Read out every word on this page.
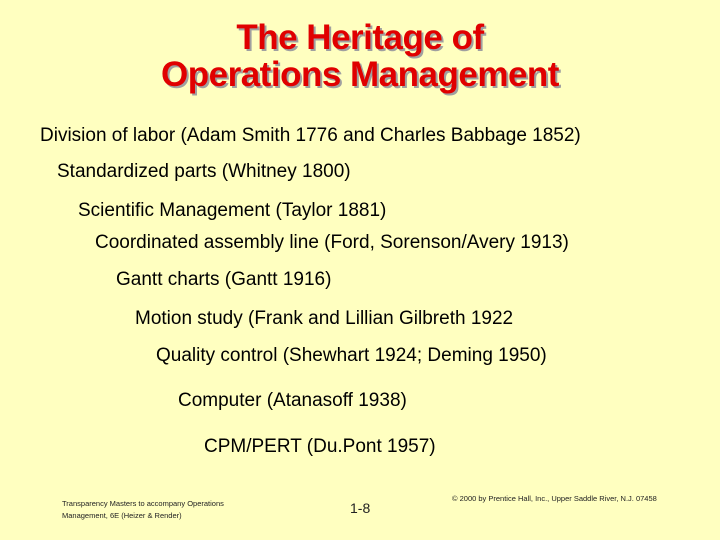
The Heritage of
Operations Management
Division of labor (Adam Smith 1776 and Charles Babbage 1852)
Standardized parts (Whitney 1800)
Scientific Management (Taylor 1881)
Coordinated assembly line (Ford, Sorenson/Avery 1913)
Gantt charts (Gantt 1916)
Motion study (Frank and Lillian Gilbreth 1922
Quality control (Shewhart 1924; Deming 1950)
Computer (Atanasoff 1938)
CPM/PERT (Du.Pont 1957)
Transparency Masters to accompany Operations
Management, 6E (Heizer & Render)	1-8
© 2000 by Prentice Hall, Inc., Upper Saddle River, N.J. 07458
